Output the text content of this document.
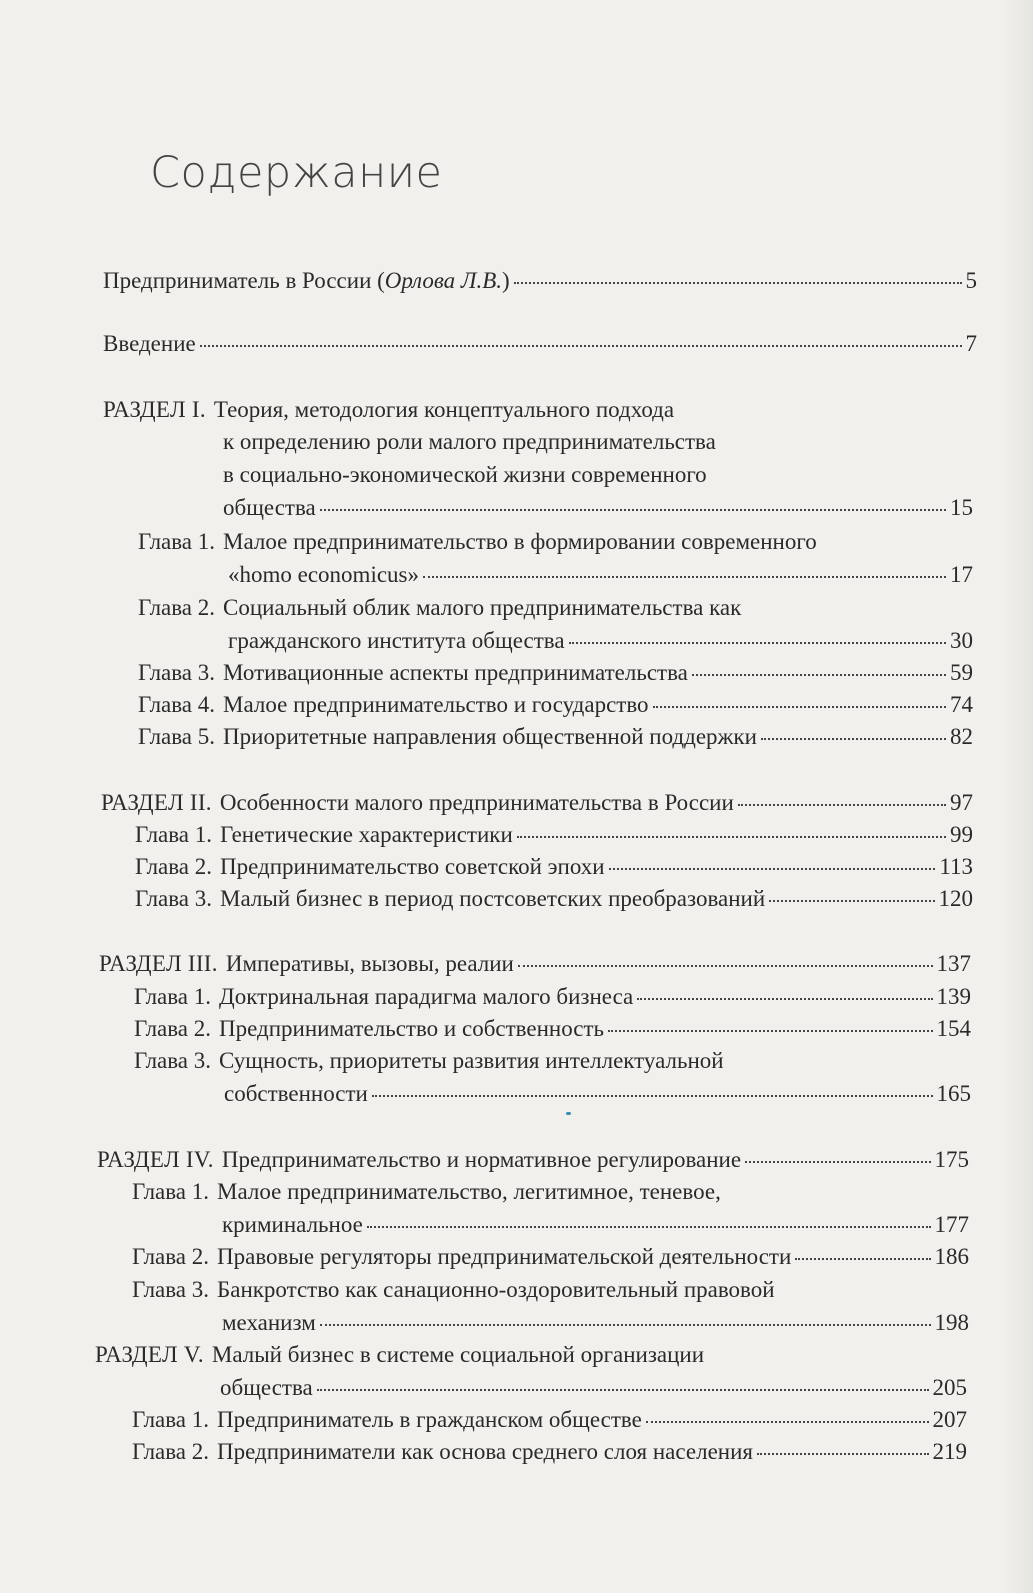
Содержание
Предприниматель в России (Орлова Л.В.)	5
Введение	7
РАЗДЕЛ I. Теория, методология концептуального подхода
к определению роли малого предпринимательства
в социально-экономической жизни современного
общества	15
Глава 1. Малое предпринимательство в формировании современного
«homo economicus»	17
Глава 2. Социальный облик малого предпринимательства как
гражданского института общества	30
Глава 3. Мотивационные аспекты предпринимательства	59
Глава 4. Малое предпринимательство и государство	74
Глава 5. Приоритетные направления общественной поддержки	82
РАЗДЕЛ II. Особенности малого предпринимательства в России	97
Глава 1. Генетические характеристики	99
Глава 2. Предпринимательство советской эпохи	113
Глава 3. Малый бизнес в период постсоветских преобразований	120
РАЗДЕЛ III. Императивы, вызовы, реалии	137
Глава 1. Доктринальная парадигма малого бизнеса	139
Глава 2. Предпринимательство и собственность	154
Глава 3. Сущность, приоритеты развития интеллектуальной
собственности	165
РАЗДЕЛ IV. Предпринимательство и нормативное регулирование	175
Глава 1. Малое предпринимательство, легитимное, теневое,
криминальное	177
Глава 2. Правовые регуляторы предпринимательской деятельности	186
Глава 3. Банкротство как санационно-оздоровительный правовой
механизм	198
РАЗДЕЛ V. Малый бизнес в системе социальной организации
общества	205
Глава 1. Предприниматель в гражданском обществе	207
Глава 2. Предприниматели как основа среднего слоя населения	219
